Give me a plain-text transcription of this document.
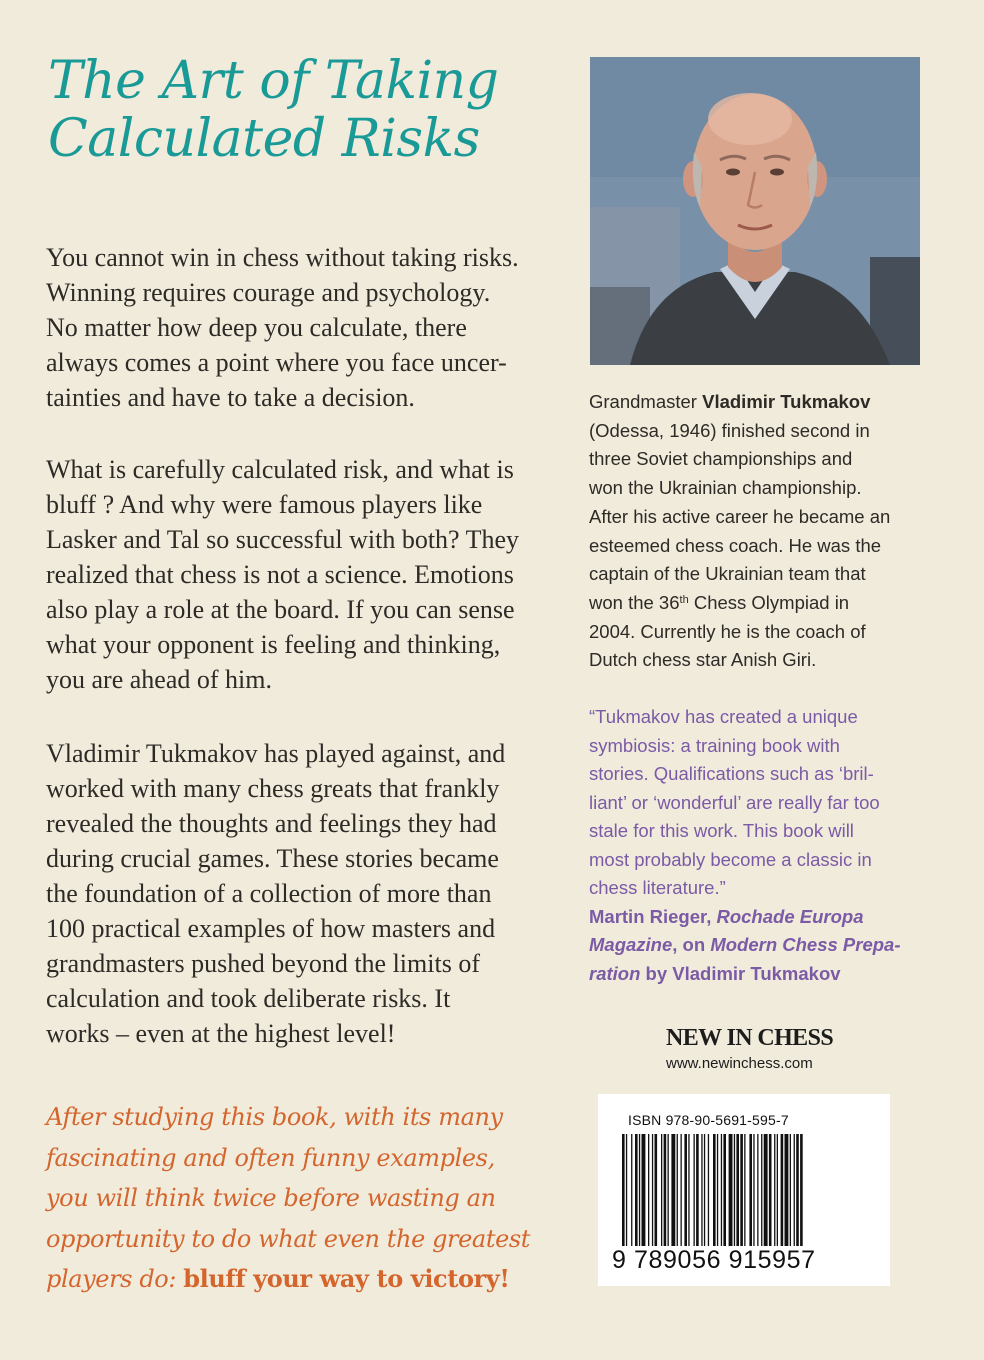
The Art of Taking
Calculated Risks
You cannot win in chess without taking risks.
Winning requires courage and psychology.
No matter how deep you calculate, there
always comes a point where you face uncer-
tainties and have to take a decision.
What is carefully calculated risk, and what is
bluff ? And why were famous players like
Lasker and Tal so successful with both? They
realized that chess is not a science. Emotions
also play a role at the board. If you can sense
what your opponent is feeling and thinking,
you are ahead of him.
Vladimir Tukmakov has played against, and
worked with many chess greats that frankly
revealed the thoughts and feelings they had
during crucial games. These stories became
the foundation of a collection of more than
100 practical examples of how masters and
grandmasters pushed beyond the limits of
calculation and took deliberate risks. It
works – even at the highest level!
After studying this book, with its many
fascinating and often funny examples,
you will think twice before wasting an
opportunity to do what even the greatest
players do: bluff your way to victory!
Grandmaster Vladimir Tukmakov
(Odessa, 1946) finished second in
three Soviet championships and
won the Ukrainian championship.
After his active career he became an
esteemed chess coach. He was the
captain of the Ukrainian team that
won the 36th Chess Olympiad in
2004. Currently he is the coach of
Dutch chess star Anish Giri.
“Tukmakov has created a unique
symbiosis: a training book with
stories. Qualifications such as ‘bril-
liant’ or ‘wonderful’ are really far too
stale for this work. This book will
most probably become a classic in
chess literature.”
Martin Rieger, Rochade Europa
Magazine, on Modern Chess Prepa-
ration by Vladimir Tukmakov
NEW IN CHESS
www.newinchess.com
ISBN 978-90-5691-595-7
9 789056 915957
